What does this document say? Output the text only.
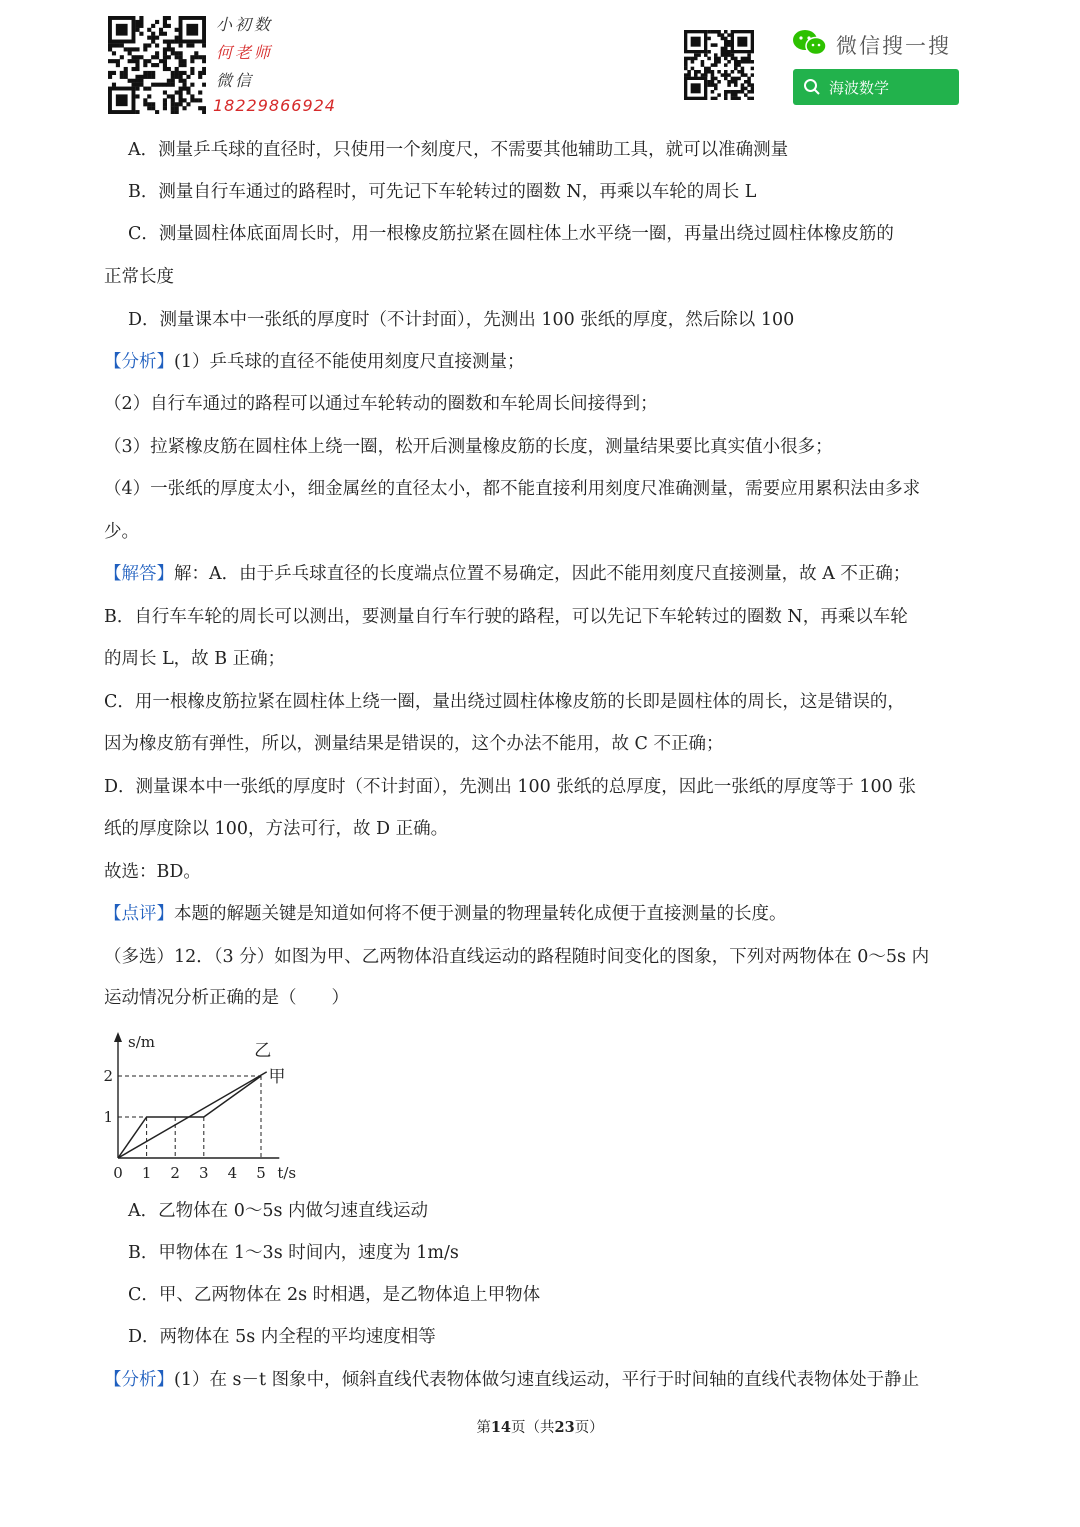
小初数
何老师
微信
18229866924
微信搜一搜
海波数学
A．测量乒乓球的直径时，只使用一个刻度尺，不需要其他辅助工具，就可以准确测量
B．测量自行车通过的路程时，可先记下车轮转过的圈数 N，再乘以车轮的周长 L
C．测量圆柱体底面周长时，用一根橡皮筋拉紧在圆柱体上水平绕一圈，再量出绕过圆柱体橡皮筋的
正常长度
D．测量课本中一张纸的厚度时（不计封面），先测出 100 张纸的厚度，然后除以 100
【分析】(1）乒乓球的直径不能使用刻度尺直接测量；
（2）自行车通过的路程可以通过车轮转动的圈数和车轮周长间接得到；
（3）拉紧橡皮筋在圆柱体上绕一圈，松开后测量橡皮筋的长度，测量结果要比真实值小很多；
（4）一张纸的厚度太小，细金属丝的直径太小，都不能直接利用刻度尺准确测量，需要应用累积法由多求
少。
【解答】解：A．由于乒乓球直径的长度端点位置不易确定，因此不能用刻度尺直接测量，故 A 不正确；
B．自行车车轮的周长可以测出，要测量自行车行驶的路程，可以先记下车轮转过的圈数 N，再乘以车轮
的周长 L，故 B 正确；
C．用一根橡皮筋拉紧在圆柱体上绕一圈，量出绕过圆柱体橡皮筋的长即是圆柱体的周长，这是错误的，
因为橡皮筋有弹性，所以，测量结果是错误的，这个办法不能用，故 C 不正确；
D．测量课本中一张纸的厚度时（不计封面），先测出 100 张纸的总厚度，因此一张纸的厚度等于 100 张
纸的厚度除以 100，方法可行，故 D 正确。
故选：BD。
【点评】本题的解题关键是知道如何将不便于测量的物理量转化成便于直接测量的长度。
（多选）12．（3 分）如图为甲、乙两物体沿直线运动的路程随时间变化的图象，下列对两物体在 0～5s 内
运动情况分析正确的是（　　）
s/m
t/s
0 1 2 3 4 5
1
2	甲
乙
A．乙物体在 0～5s 内做匀速直线运动
B．甲物体在 1～3s 时间内，速度为 1m/s
C．甲、乙两物体在 2s 时相遇，是乙物体追上甲物体
D．两物体在 5s 内全程的平均速度相等
【分析】(1）在 s－t 图象中，倾斜直线代表物体做匀速直线运动，平行于时间轴的直线代表物体处于静止
第14页（共23页）
